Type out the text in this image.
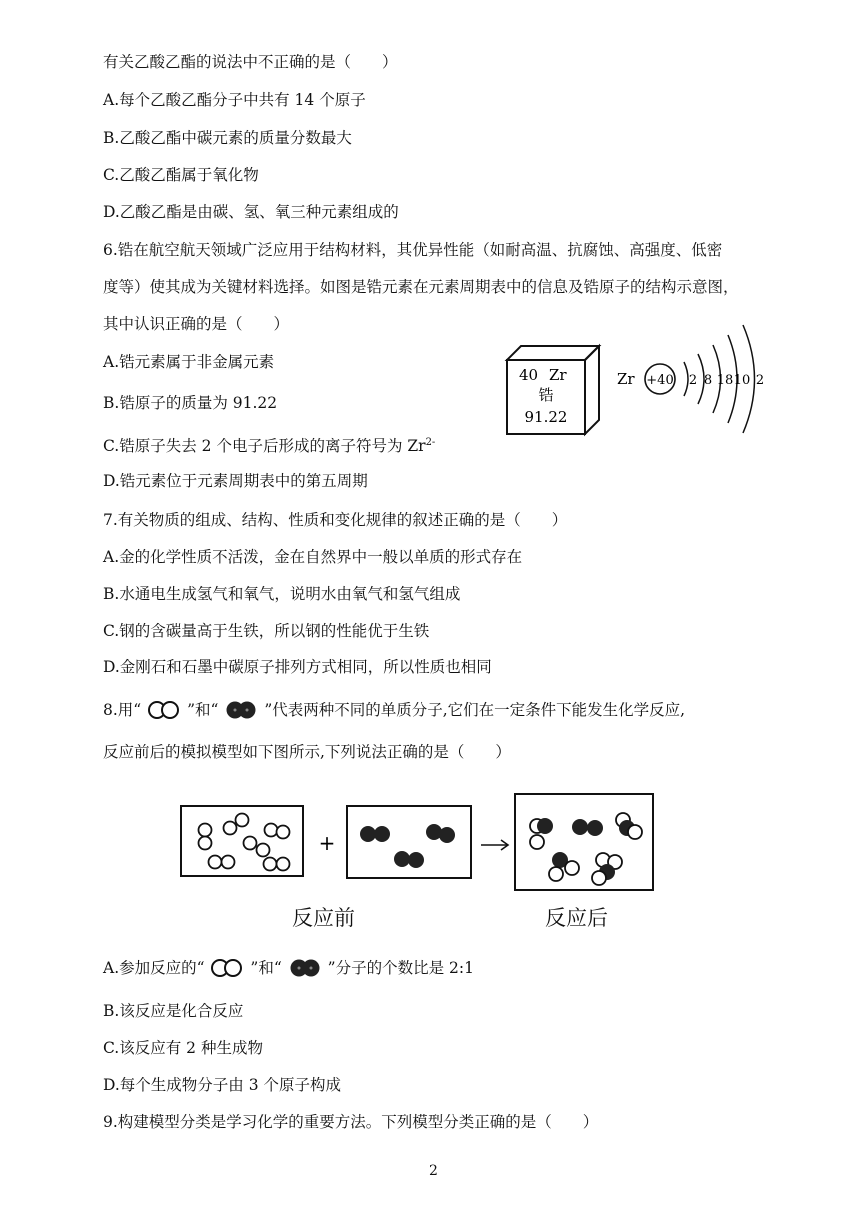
有关乙酸乙酯的说法中不正确的是（　　）
A.每个乙酸乙酯分子中共有 14 个原子
B.乙酸乙酯中碳元素的质量分数最大
C.乙酸乙酯属于氧化物
D.乙酸乙酯是由碳、氢、氧三种元素组成的
6.锆在航空航天领域广泛应用于结构材料，其优异性能（如耐高温、抗腐蚀、高强度、低密
度等）使其成为关键材料选择。如图是锆元素在元素周期表中的信息及锆原子的结构示意图，
其中认识正确的是（　　）
A.锆元素属于非金属元素
B.锆原子的质量为 91.22
C.锆原子失去 2 个电子后形成的离子符号为 $Zr^{2-}$
D.锆元素位于元素周期表中的第五周期
40 Zr
锆
91.22
Zr +40 2 8 18 10 2
7.有关物质的组成、结构、性质和变化规律的叙述正确的是（　　）
A.金的化学性质不活泼，金在自然界中一般以单质的形式存在
B.水通电生成氢气和氧气，说明水由氧气和氢气组成
C.钢的含碳量高于生铁，所以钢的性能优于生铁
D.金刚石和石墨中碳原子排列方式相同，所以性质也相同
8.用“	”和“	”代表两种不同的单质分子,它们在一定条件下能发生化学反应,
反应前后的模拟模型如下图所示,下列说法正确的是（　　）
+
反应前	反应后
A.参加反应的“	”和“	”分子的个数比是 2:1
B.该反应是化合反应
C.该反应有 2 种生成物
D.每个生成物分子由 3 个原子构成
9.构建模型分类是学习化学的重要方法。下列模型分类正确的是（　　）
2
